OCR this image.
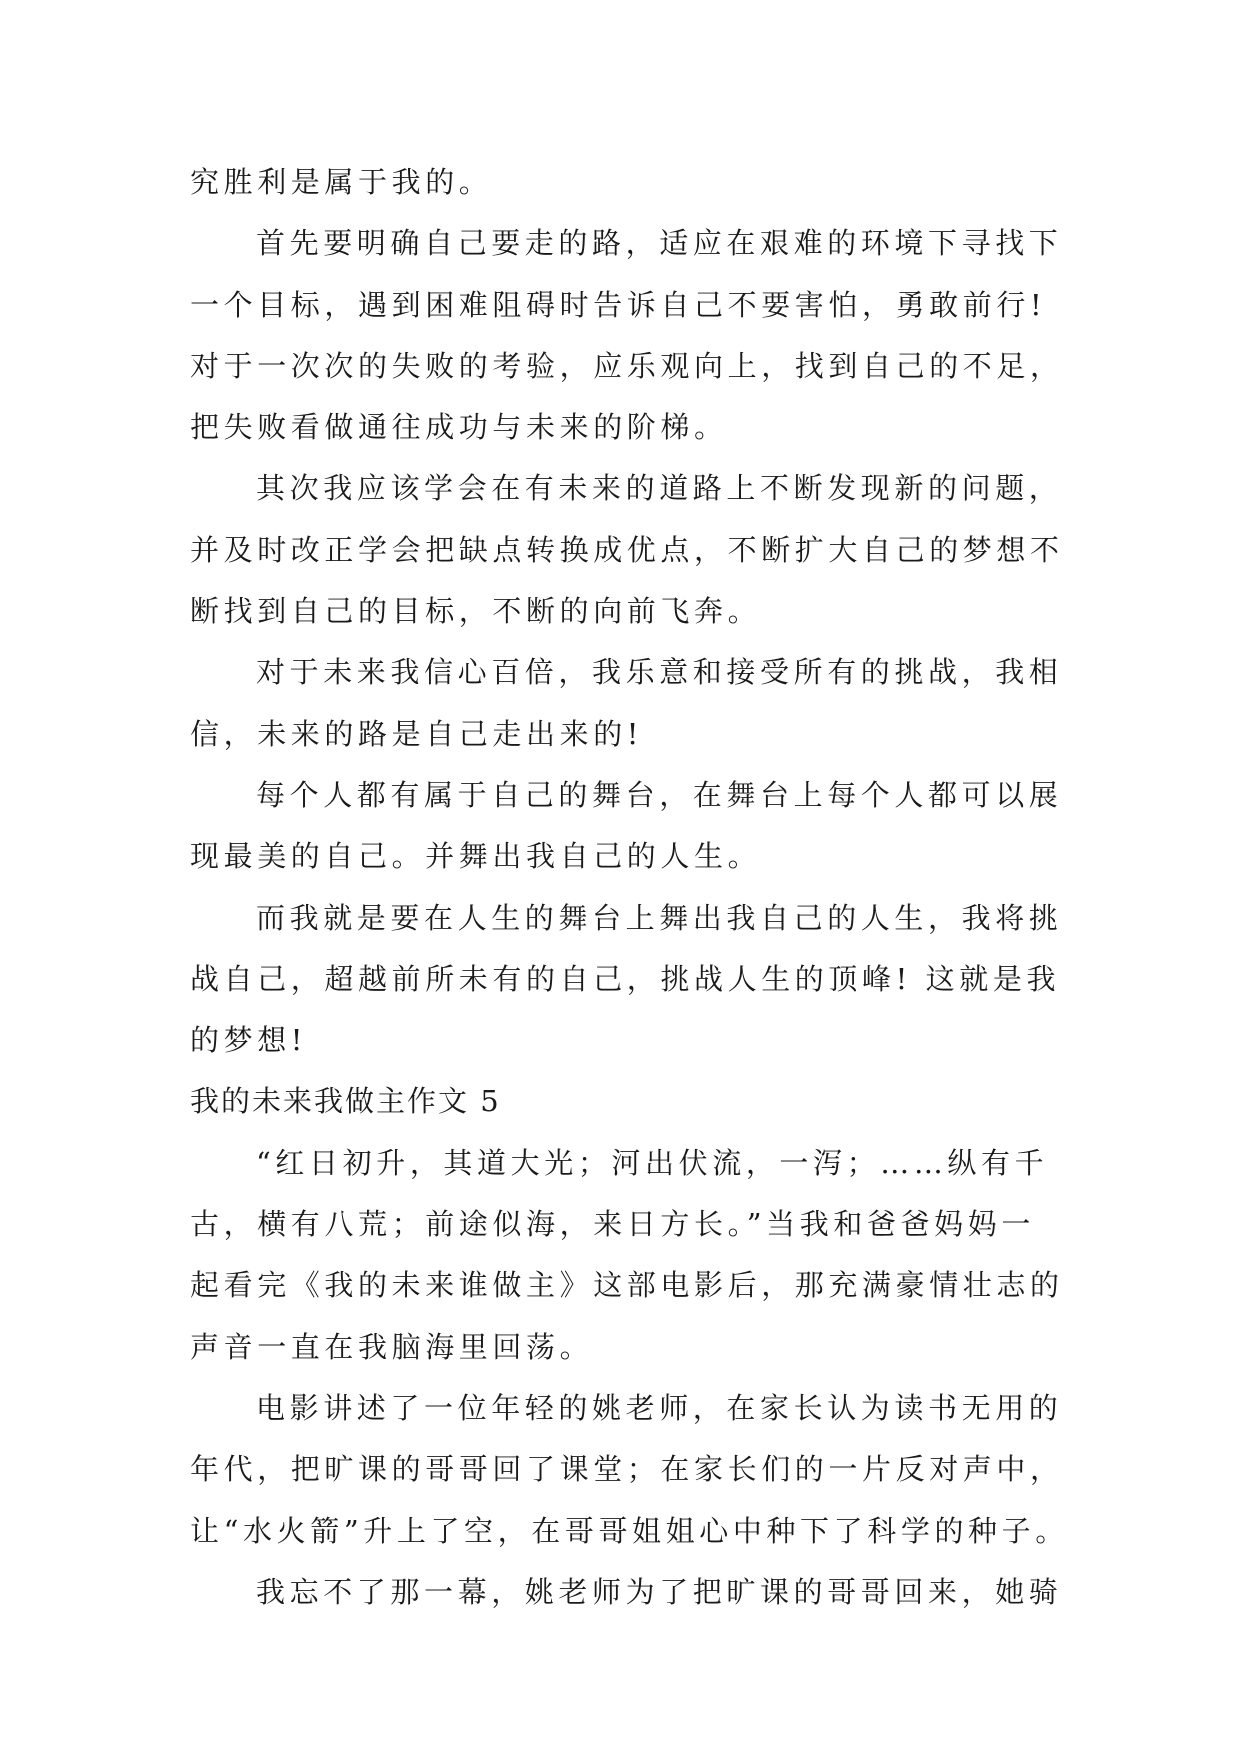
究胜利是属于我的。
首先要明确自己要走的路，适应在艰难的环境下寻找下
一个目标，遇到困难阻碍时告诉自己不要害怕，勇敢前行!
对于一次次的失败的考验，应乐观向上，找到自己的不足，
把失败看做通往成功与未来的阶梯。
其次我应该学会在有未来的道路上不断发现新的问题，
并及时改正学会把缺点转换成优点，不断扩大自己的梦想不
断找到自己的目标，不断的向前飞奔。
对于未来我信心百倍，我乐意和接受所有的挑战，我相
信，未来的路是自己走出来的!
每个人都有属于自己的舞台，在舞台上每个人都可以展
现最美的自己。并舞出我自己的人生。
而我就是要在人生的舞台上舞出我自己的人生，我将挑
战自己，超越前所未有的自己，挑战人生的顶峰! 这就是我
的梦想!
我的未来我做主作文 5
“红日初升，其道大光；河出伏流，一泻；……纵有千
古，横有八荒；前途似海，来日方长。”当我和爸爸妈妈一
起看完《我的未来谁做主》这部电影后，那充满豪情壮志的
声音一直在我脑海里回荡。
电影讲述了一位年轻的姚老师，在家长认为读书无用的
年代，把旷课的哥哥回了课堂；在家长们的一片反对声中，
让“水火箭”升上了空，在哥哥姐姐心中种下了科学的种子。
我忘不了那一幕，姚老师为了把旷课的哥哥回来，她骑
